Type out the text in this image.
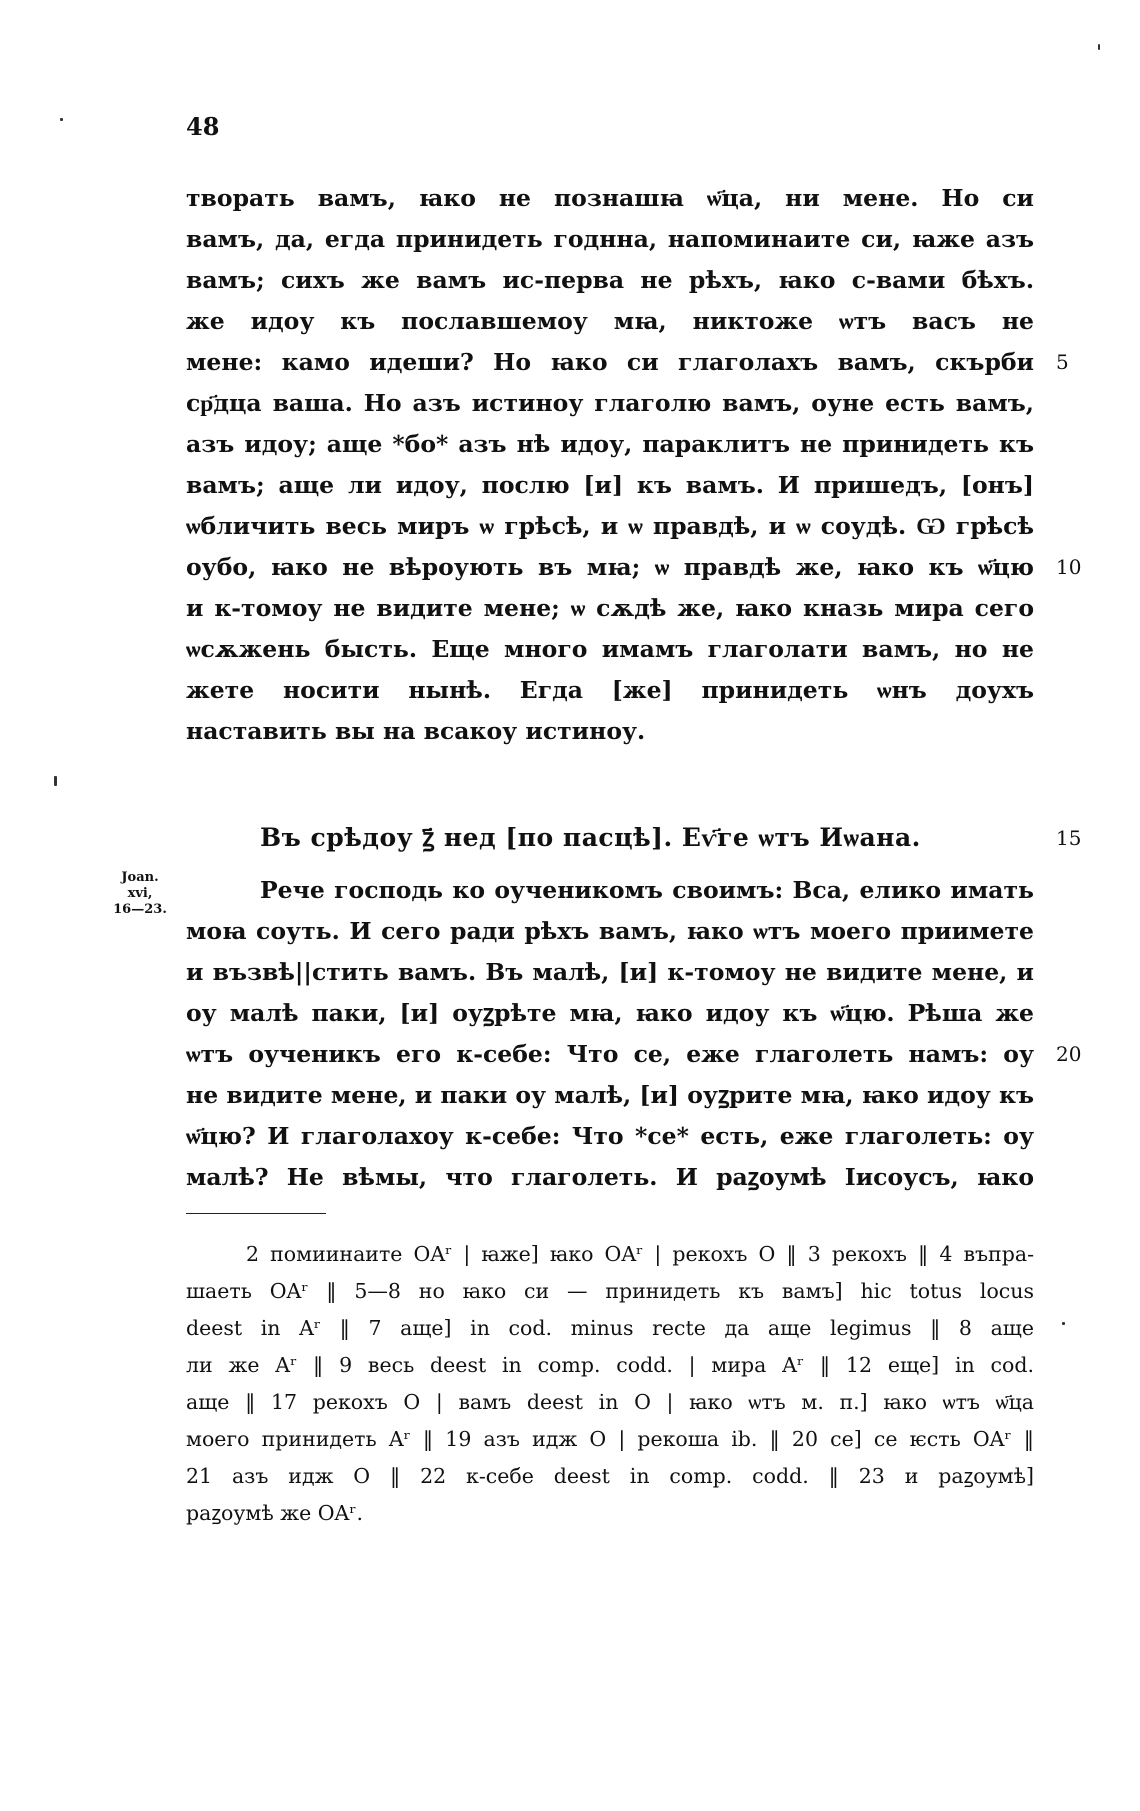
48
творать вамъ, ꙗко не познашꙗ ѡ҃ца, ни мене. Но си
вамъ, да, егда принидеть годнна, напоминаите си, ꙗже азъ
вамъ; сихъ же вамъ ис-перва не рѣхъ, ꙗко с-вами бѣхъ.
же идоу къ пославшемоу мꙗ, никтоже ѡтъ васъ не
мене: камо идеши? Но ꙗко си глаголахъ вамъ, скърби 5
ср҃дца ваша. Но азъ истиноу глаголю вамъ, оуне есть вамъ,
азъ идоу; аще *бо* азъ нѣ идоу, параклитъ не принидеть къ
вамъ; аще ли идоу, послю [и] къ вамъ. И пришедъ, [онъ]
ѡбличить весь миръ ѡ грѣсѣ, и ѡ правдѣ, и ѡ соудѣ. Ѡ грѣсѣ
оубо, ꙗко не вѣроують въ мꙗ; ѡ правдѣ же, ꙗко къ ѡ҃цю 10
и к-томоу не видите мене; ѡ сѫдѣ же, ꙗко кназь мира сего
ѡсѫжень бысть. Еще много имамъ глаголати вамъ, но не
жете носити нынѣ. Егда [же] принидеть ѡнъ доухъ
наставить вы на всакоу истиноу.
Въ срѣдоу ꙁ҃ нед [по пасцѣ]. Еѵ҃ге ѡтъ Иѡана.	15
Joan.
xvi,
16—23.
Рече господь ко оученикомъ своимъ: Вса, елико имать
моꙗ соуть. И сего ради рѣхъ вамъ, ꙗко ѡтъ моего приимете
и възвѣ||стить вамъ. Въ малѣ, [и] к-томоу не видите мене, и
оу малѣ паки, [и] оуꙁрѣте мꙗ, ꙗко идоу къ ѡ҃цю. Рѣша же
ѡтъ оученикъ его к-себе: Что се, еже глаголеть намъ: оу 20
не видите мене, и паки оу малѣ, [и] оуꙁрите мꙗ, ꙗко идоу къ
ѡ҃цю? И глаголахоу к-себе: Что *се* есть, еже глаголеть: оу
малѣ? Не вѣмы, что глаголеть. И раꙁоумѣ Іисоусъ, ꙗко
2 помиинаите OAʳ | ꙗже] ꙗко OAʳ | рекохъ O ‖ 3 рекохъ ‖ 4 въпра-
шаеть OAʳ ‖ 5—8 но ꙗко си — принидеть къ вамъ] hic totus locus
deest in Aʳ ‖ 7 аще] in cod. minus recte да аще legimus ‖ 8 аще
ли же Aʳ ‖ 9 весь deest in comp. codd. | мира Aʳ ‖ 12 еще] in cod.
аще ‖ 17 рекохъ O | вамъ deest in O | ꙗко ѡтъ м. п.] ꙗко ѡтъ ѡ҃ца
моего принидеть Aʳ ‖ 19 азъ идж O | рекоша ib. ‖ 20 се] се ѥсть OAʳ ‖
21 азъ идж O ‖ 22 к-себе deest in comp. codd. ‖ 23 и раꙁоумѣ]
раꙁоумѣ же OAʳ.
